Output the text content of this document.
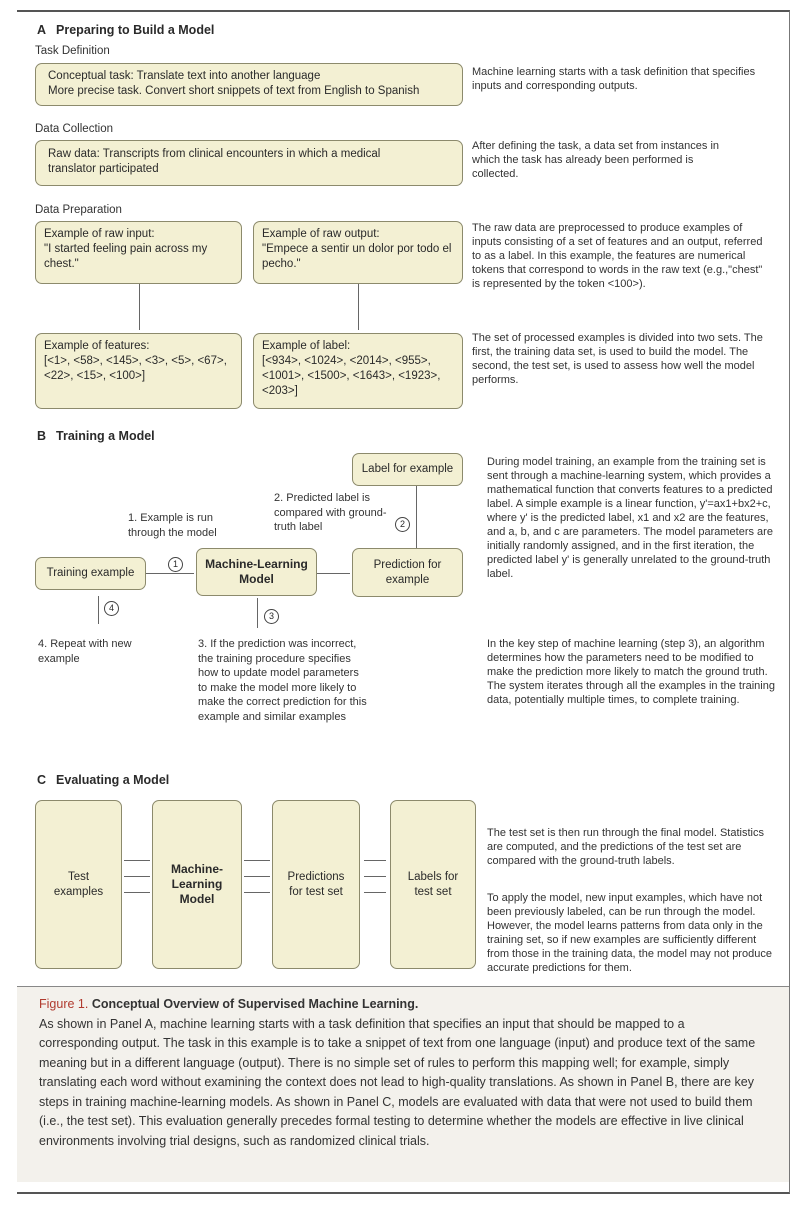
A Preparing to Build a Model
Task Definition
Conceptual task: Translate text into another language
More precise task. Convert short snippets of text from English to Spanish
Machine learning starts with a task definition that specifies inputs and corresponding outputs.
Data Collection
Raw data: Transcripts from clinical encounters in which a medical translator participated
After defining the task, a data set from instances in which the task has already been performed is collected.
Data Preparation
Example of raw input:
"I started feeling pain across my chest."
Example of raw output:
"Empece a sentir un dolor por todo el pecho."
Example of features:
[<1>, <58>, <145>, <3>, <5>, <67>, <22>, <15>, <100>]
Example of label:
[<934>, <1024>, <2014>, <955>, <1001>, <1500>, <1643>, <1923>, <203>]
The raw data are preprocessed to produce examples of inputs consisting of a set of features and an output, referred to as a label. In this example, the features are numerical tokens that correspond to words in the raw text (e.g.,"chest" is represented by the token <100>).
The set of processed examples is divided into two sets. The first, the training data set, is used to build the model. The second, the test set, is used to assess how well the model performs.
B Training a Model
Label for example
Training example
Machine-Learning Model
Prediction for example
1
2
3
4
1. Example is run through the model
2. Predicted label is compared with ground-truth label
3. If the prediction was incorrect, the training procedure specifies how to update model parameters to make the model more likely to make the correct prediction for this example and similar examples
4. Repeat with new example
During model training, an example from the training set is sent through a machine-learning system, which provides a mathematical function that converts features to a predicted label. A simple example is a linear function, y'=ax1+bx2+c, where y' is the predicted label, x1 and x2 are the features, and a, b, and c are parameters. The model parameters are initially randomly assigned, and in the first iteration, the predicted label y' is generally unrelated to the ground-truth label.
In the key step of machine learning (step 3), an algorithm determines how the parameters need to be modified to make the prediction more likely to match the ground truth. The system iterates through all the examples in the training data, potentially multiple times, to complete training.
C Evaluating a Model
Test examples
Machine-Learning Model
Predictions for test set
Labels for test set
The test set is then run through the final model. Statistics are computed, and the predictions of the test set are compared with the ground-truth labels.
To apply the model, new input examples, which have not been previously labeled, can be run through the model. However, the model learns patterns from data only in the training set, so if new examples are sufficiently different from those in the training data, the model may not produce accurate predictions for them.
Figure 1. Conceptual Overview of Supervised Machine Learning.
As shown in Panel A, machine learning starts with a task definition that specifies an input that should be mapped to a corresponding output. The task in this example is to take a snippet of text from one language (input) and produce text of the same meaning but in a different language (output). There is no simple set of rules to perform this mapping well; for example, simply translating each word without examining the context does not lead to high-quality translations. As shown in Panel B, there are key steps in training machine-learning models. As shown in Panel C, models are evaluated with data that were not used to build them (i.e., the test set). This evaluation generally precedes formal testing to determine whether the models are effective in live clinical environments involving trial designs, such as randomized clinical trials.
